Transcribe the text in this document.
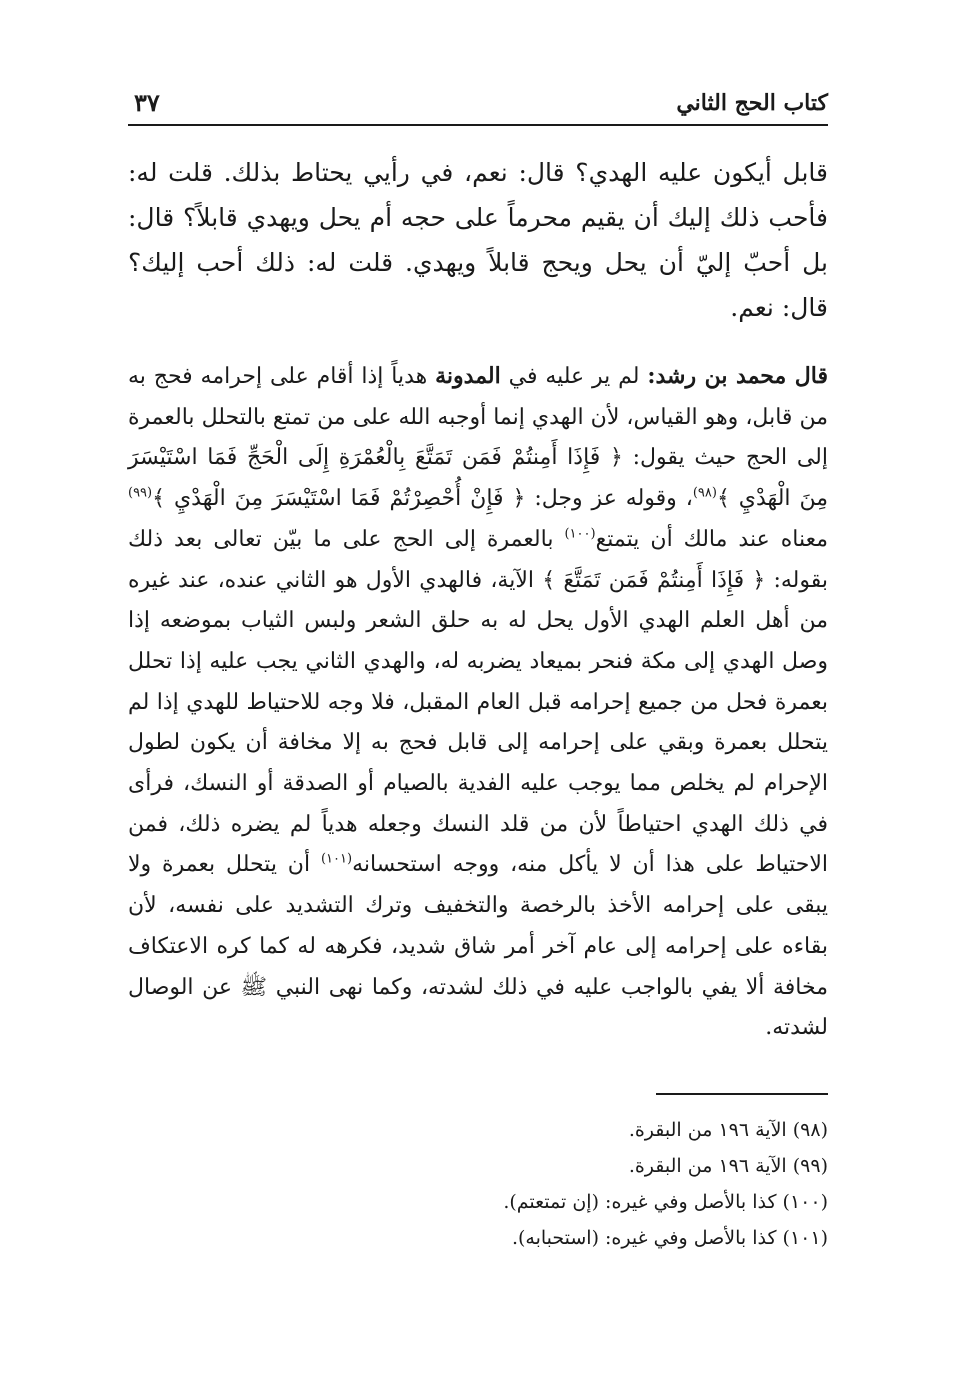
كتاب الحج الثاني
٣٧

قابل أيكون عليه الهدي؟ قال: نعم، في رأيي يحتاط بذلك. قلت له: فأحب ذلك إليك أن يقيم محرماً على حجه أم يحل ويهدي قابلاً؟ قال: بل أحبّ إليّ أن يحل ويحج قابلاً ويهدي. قلت له: ذلك أحب إليك؟ قال: نعم.

قال محمد بن رشد: لم ير عليه في المدونة هدياً إذا أقام على إحرامه فحج به من قابل، وهو القياس، لأن الهدي إنما أوجبه الله على من تمتع بالتحلل بالعمرة إلى الحج حيث يقول: ﴿ فَإِذَا أَمِنتُمْ فَمَن تَمَتَّعَ بِالْعُمْرَةِ إِلَى الْحَجِّ فَمَا اسْتَيْسَرَ مِنَ الْهَدْيِ ﴾$^{(٩٨)}$، وقوله عز وجل: ﴿ فَإِنْ أُحْصِرْتُمْ فَمَا اسْتَيْسَرَ مِنَ الْهَدْيِ ﴾$^{(٩٩)}$ معناه عند مالك أن يتمتع$^{(١٠٠)}$ بالعمرة إلى الحج على ما بيّن تعالى بعد ذلك بقوله: ﴿ فَإِذَا أَمِنتُمْ فَمَن تَمَتَّعَ ﴾ الآية، فالهدي الأول هو الثاني عنده، عند غيره من أهل العلم الهدي الأول يحل له به حلق الشعر ولبس الثياب بموضعه إذا وصل الهدي إلى مكة فنحر بميعاد يضربه له، والهدي الثاني يجب عليه إذا تحلل بعمرة فحل من جميع إحرامه قبل العام المقبل، فلا وجه للاحتياط للهدي إذا لم يتحلل بعمرة وبقي على إحرامه إلى قابل فحج به إلا مخافة أن يكون لطول الإحرام لم يخلص مما يوجب عليه الفدية بالصيام أو الصدقة أو النسك، فرأى في ذلك الهدي احتياطاً لأن من قلد النسك وجعله هدياً لم يضره ذلك، فمن الاحتياط على هذا أن لا يأكل منه، ووجه استحسانه$^{(١٠١)}$ أن يتحلل بعمرة ولا يبقى على إحرامه الأخذ بالرخصة والتخفيف وترك التشديد على نفسه، لأن بقاءه على إحرامه إلى عام آخر أمر شاق شديد، فكرهه له كما كره الاعتكاف مخافة ألا يفي بالواجب عليه في ذلك لشدته، وكما نهى النبي ﷺ عن الوصال لشدته.

(٩٨) الآية ١٩٦ من البقرة.
(٩٩) الآية ١٩٦ من البقرة.
(١٠٠) كذا بالأصل وفي غيره: (إن تمتعتم).
(١٠١) كذا بالأصل وفي غيره: (استحبابه).
